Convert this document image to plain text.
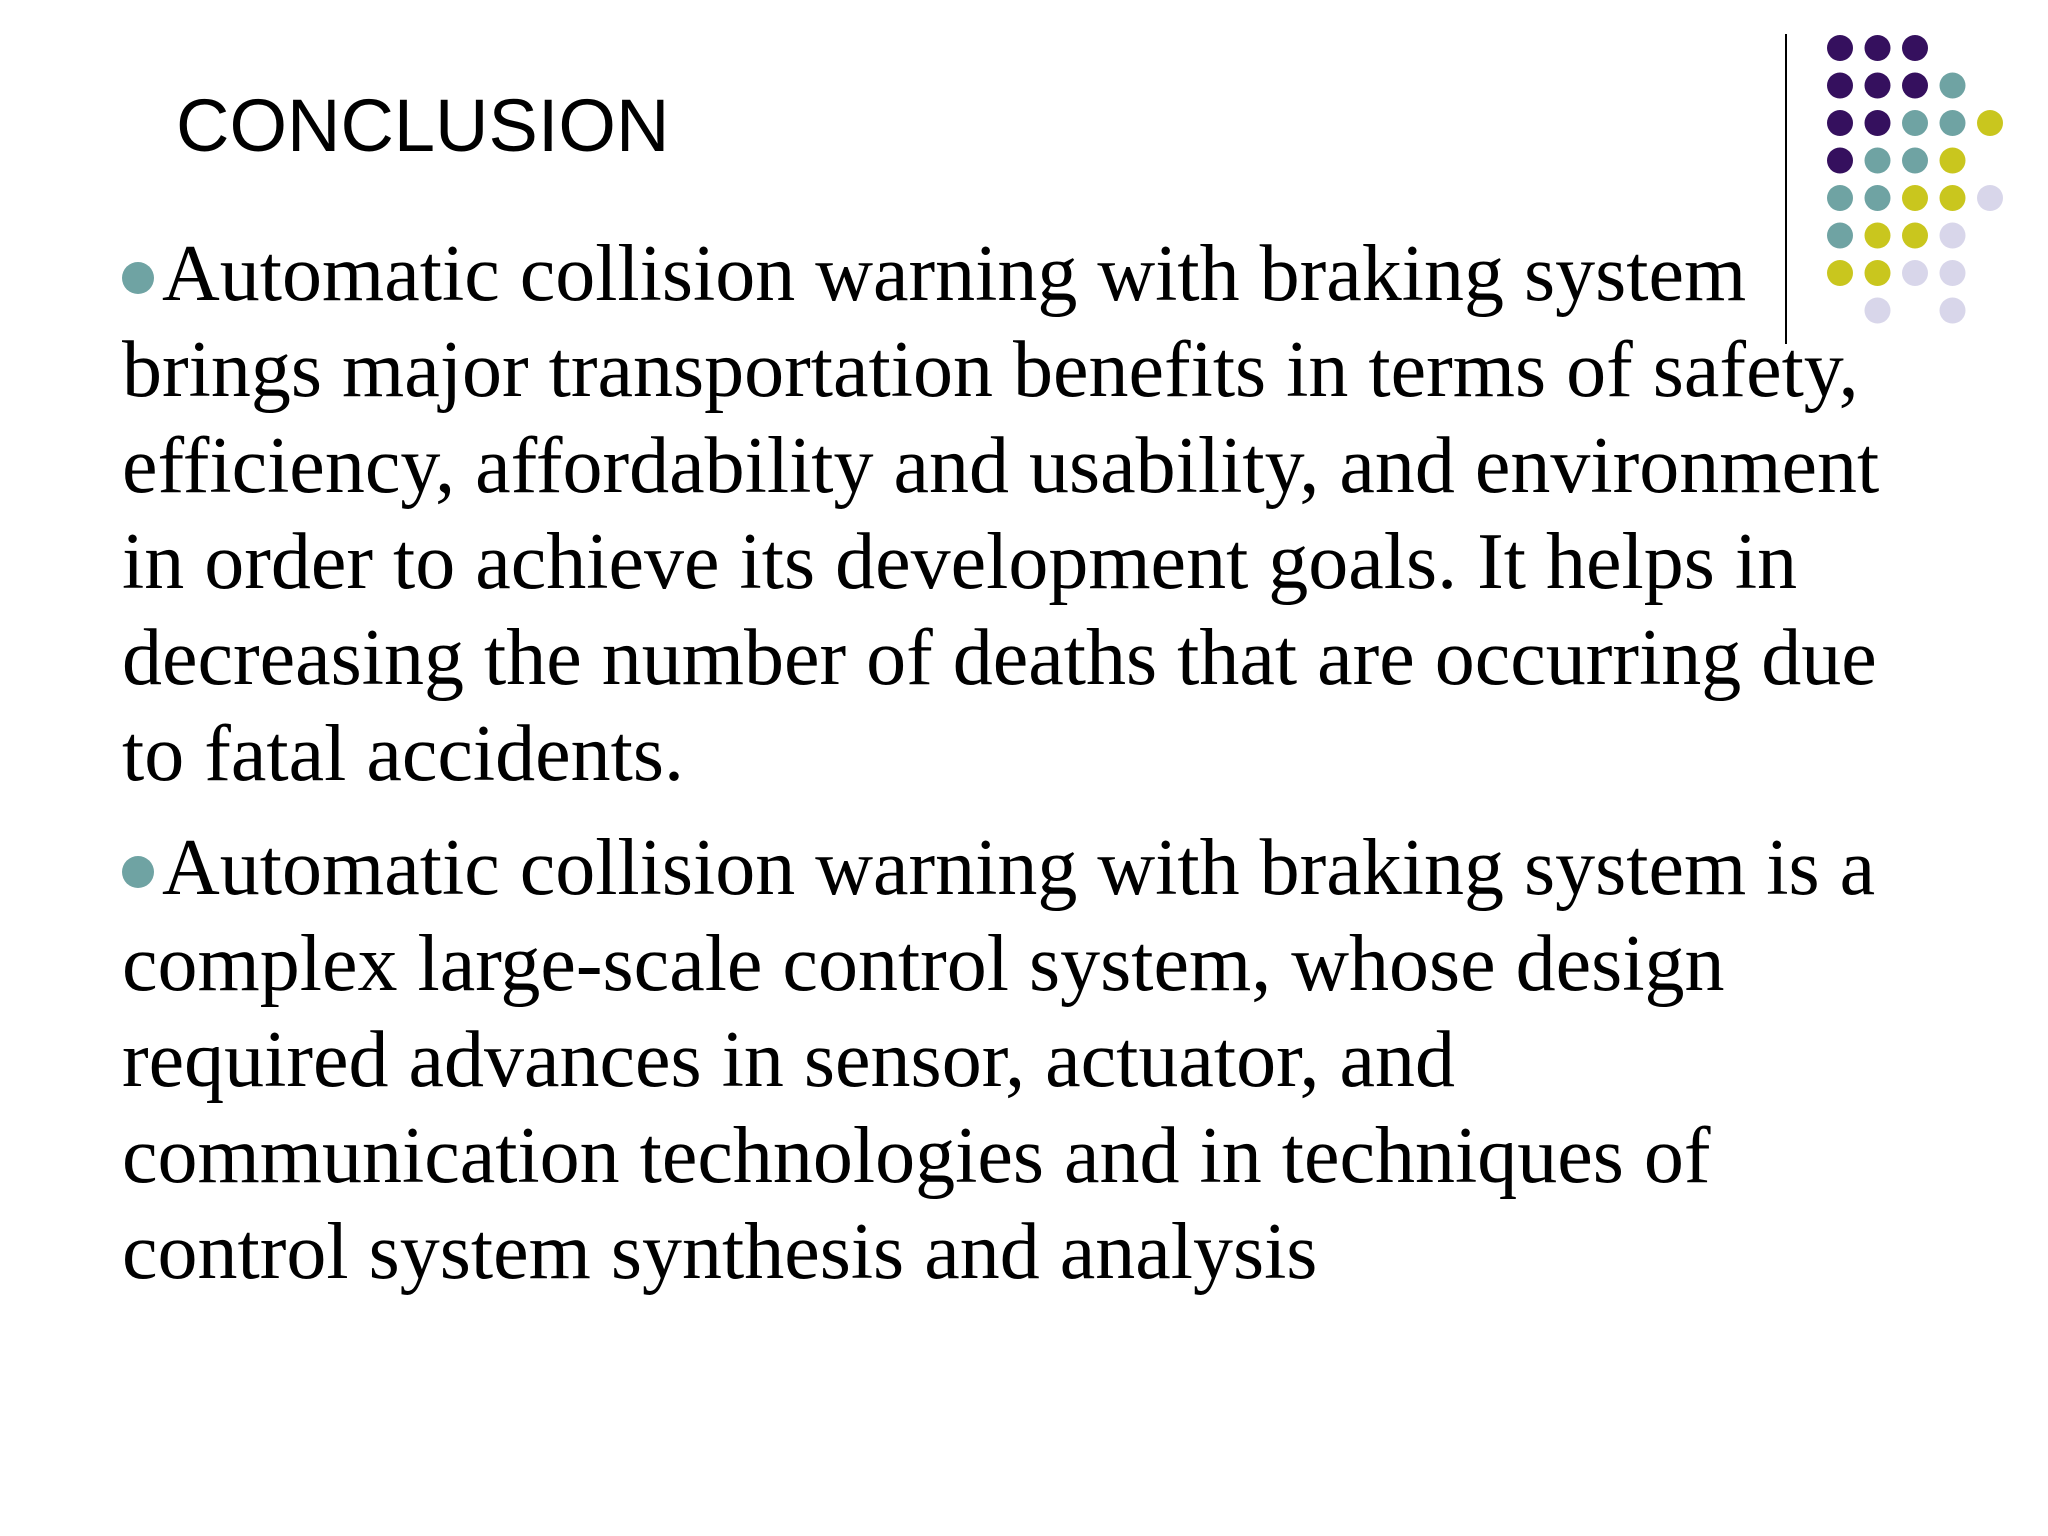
CONCLUSION
Automatic collision warning with braking system brings major transportation benefits in terms of safety, efficiency, affordability and usability, and environment in order to achieve its development goals. It helps in decreasing the number of deaths that are occurring due to fatal accidents.
Automatic collision warning with braking system is a complex large-scale control system, whose design required advances in sensor, actuator, and communication technologies and in techniques of control system synthesis and analysis
